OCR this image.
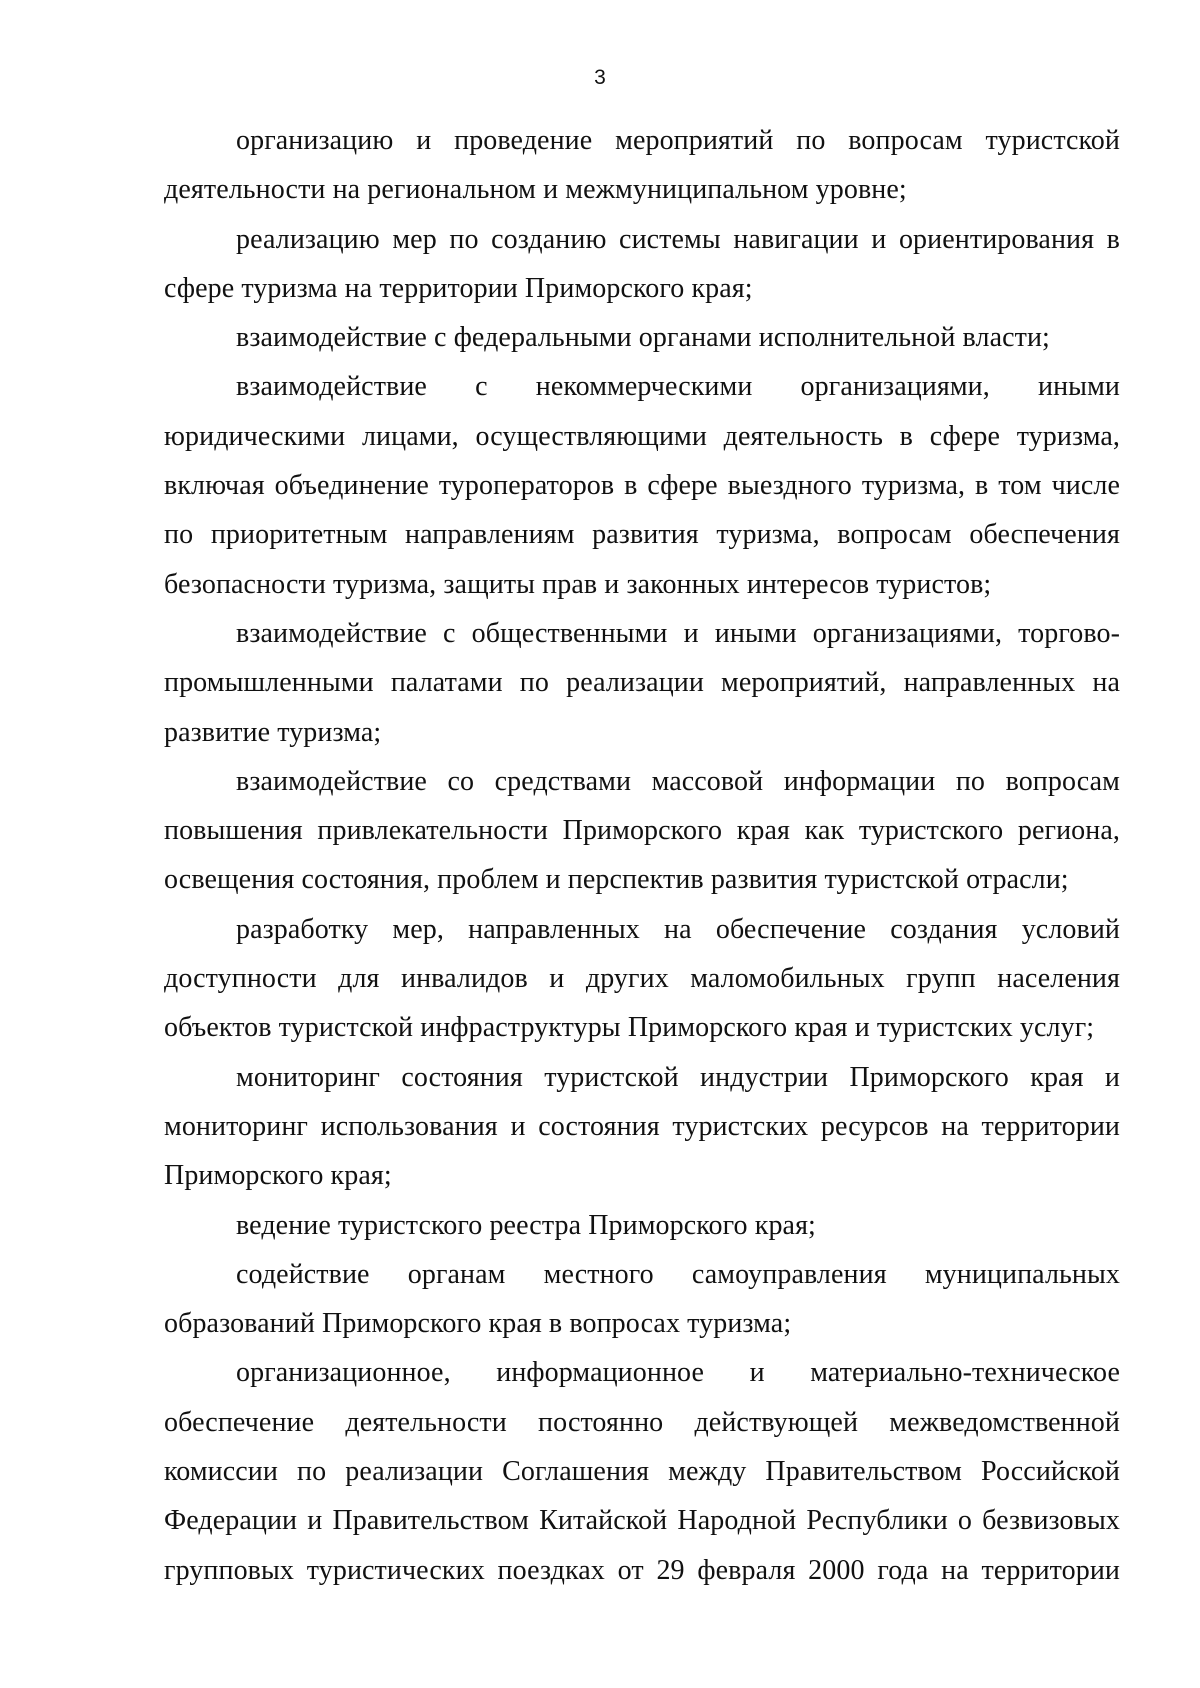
3

организацию и проведение мероприятий по вопросам туристской деятельности на региональном и межмуниципальном уровне;

реализацию мер по созданию системы навигации и ориентирования в сфере туризма на территории Приморского края;

взаимодействие с федеральными органами исполнительной власти;

взаимодействие с некоммерческими организациями, иными юридическими лицами, осуществляющими деятельность в сфере туризма, включая объединение туроператоров в сфере выездного туризма, в том числе по приоритетным направлениям развития туризма, вопросам обеспечения безопасности туризма, защиты прав и законных интересов туристов;

взаимодействие с общественными и иными организациями, торгово-промышленными палатами по реализации мероприятий, направленных на развитие туризма;

взаимодействие со средствами массовой информации по вопросам повышения привлекательности Приморского края как туристского региона, освещения состояния, проблем и перспектив развития туристской отрасли;

разработку мер, направленных на обеспечение создания условий доступности для инвалидов и других маломобильных групп населения объектов туристской инфраструктуры Приморского края и туристских услуг;

мониторинг состояния туристской индустрии Приморского края и мониторинг использования и состояния туристских ресурсов на территории Приморского края;

ведение туристского реестра Приморского края;

содействие органам местного самоуправления муниципальных образований Приморского края в вопросах туризма;

организационное, информационное и материально-техническое обеспечение деятельности постоянно действующей межведомственной комиссии по реализации Соглашения между Правительством Российской Федерации и Правительством Китайской Народной Республики о безвизовых групповых туристических поездках от 29 февраля 2000 года на территории
